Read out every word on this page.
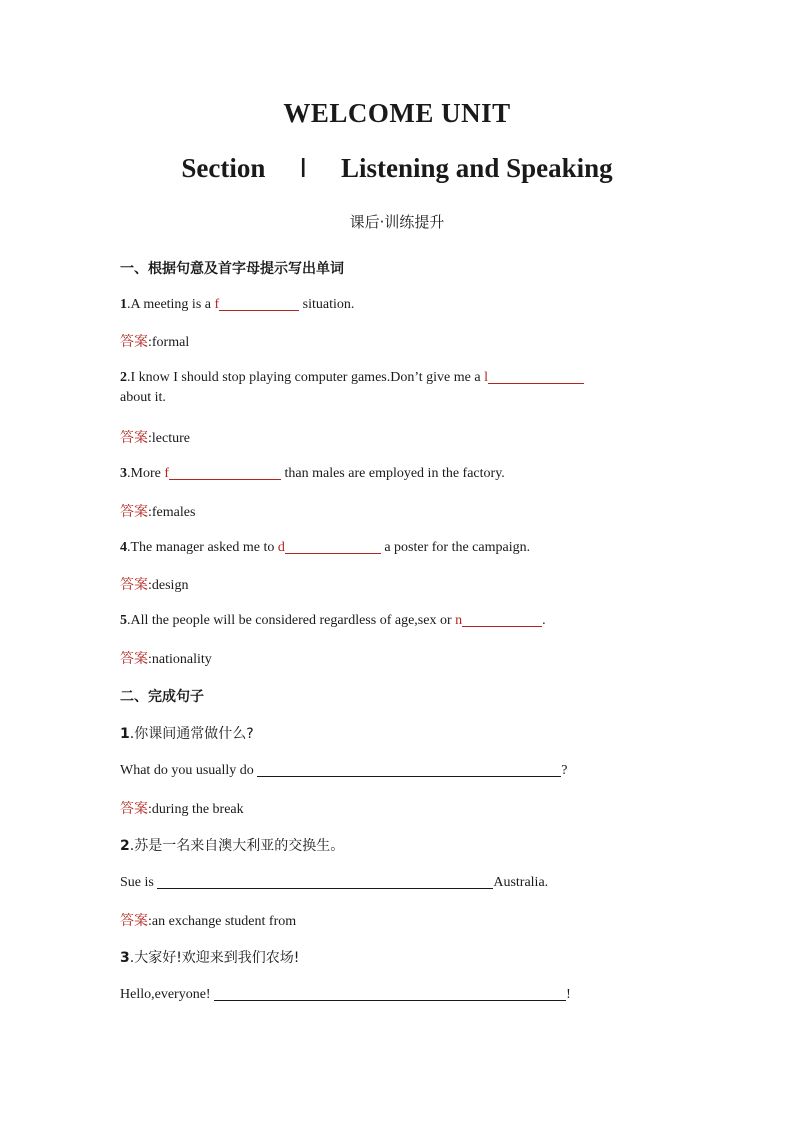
WELCOME UNIT
Section Ⅰ Listening and Speaking
课后·训练提升
一、根据句意及首字母提示写出单词
1.A meeting is a f	situation.
答案:formal
2.I know I should stop playing computer games.Don’t give me a l
about it.
答案:lecture
3.More f	than males are employed in the factory.
答案:females
4.The manager asked me to d	a poster for the campaign.
答案:design
5.All the people will be considered regardless of age,sex or n	.
答案:nationality
二、完成句子
1.你课间通常做什么?
What do you usually do	?
答案:during the break
2.苏是一名来自澳大利亚的交换生。
Sue is	Australia.
答案:an exchange student from
3.大家好!欢迎来到我们农场!
Hello,everyone!	!
